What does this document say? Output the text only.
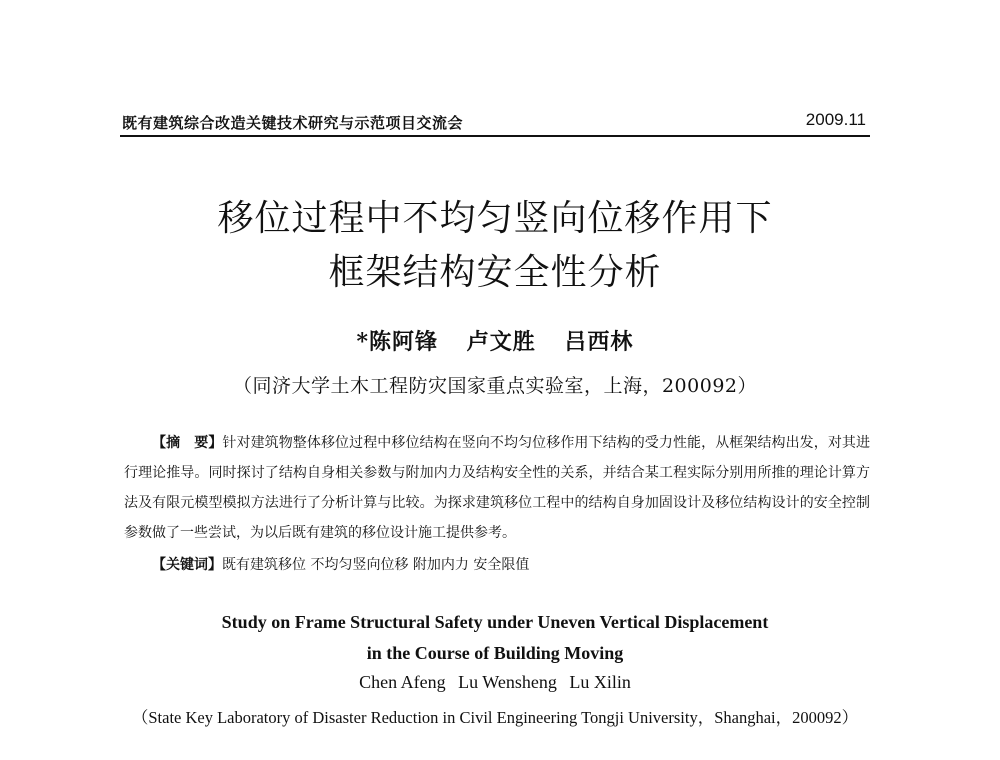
既有建筑综合改造关键技术研究与示范项目交流会	2009.11
移位过程中不均匀竖向位移作用下
框架结构安全性分析
*陈阿锋 卢文胜 吕西林
（同济大学土木工程防灾国家重点实验室，上海，200092）
【摘　要】针对建筑物整体移位过程中移位结构在竖向不均匀位移作用下结构的受力性能，从框架结构出发，对其进行理论推导。同时探讨了结构自身相关参数与附加内力及结构安全性的关系，并结合某工程实际分别用所推的理论计算方法及有限元模型模拟方法进行了分析计算与比较。为探求建筑移位工程中的结构自身加固设计及移位结构设计的安全控制参数做了一些尝试，为以后既有建筑的移位设计施工提供参考。
【关键词】既有建筑移位 不均匀竖向位移 附加内力 安全限值
Study on Frame Structural Safety under Uneven Vertical Displacement
in the Course of Building Moving
Chen Afeng Lu Wensheng Lu Xilin
（State Key Laboratory of Disaster Reduction in Civil Engineering Tongji University，Shanghai，200092）
